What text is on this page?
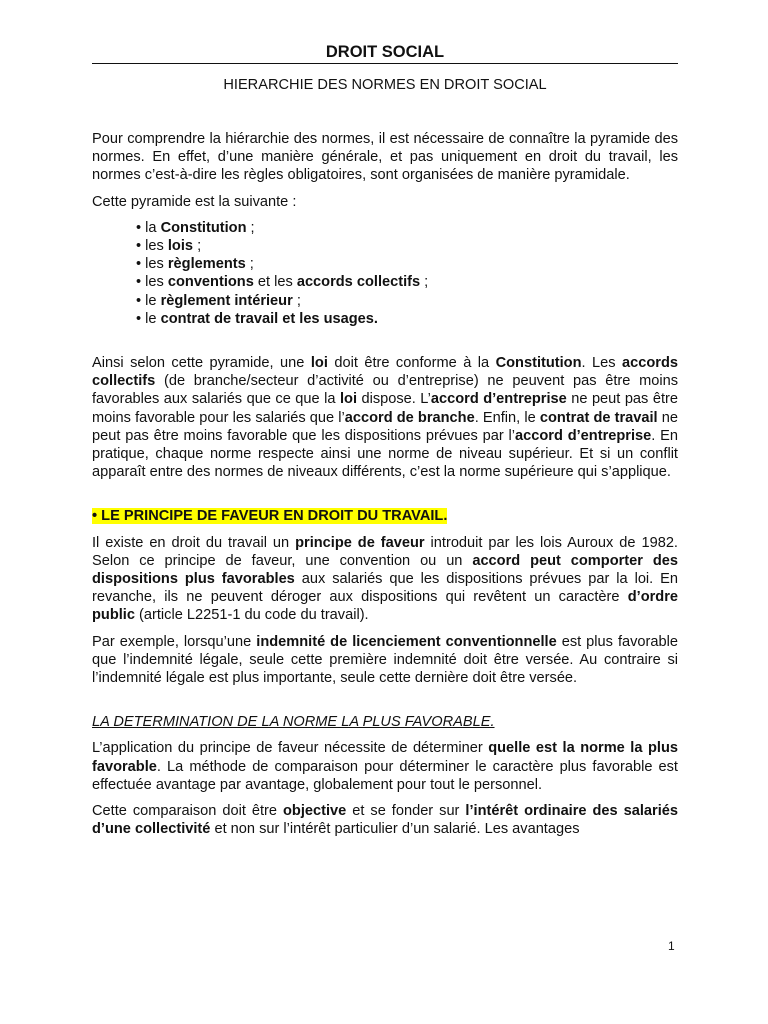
DROIT SOCIAL
HIERARCHIE DES NORMES EN DROIT SOCIAL

Pour comprendre la hiérarchie des normes, il est nécessaire de connaître la pyramide des normes. En effet, d’une manière générale, et pas uniquement en droit du travail, les normes c’est-à-dire les règles obligatoires, sont organisées de manière pyramidale.

Cette pyramide est la suivante :

• la Constitution ;
• les lois ;
• les règlements ;
• les conventions et les accords collectifs ;
• le règlement intérieur ;
• le contrat de travail et les usages.

Ainsi selon cette pyramide, une loi doit être conforme à la Constitution. Les accords collectifs (de branche/secteur d’activité ou d’entreprise) ne peuvent pas être moins favorables aux salariés que ce que la loi dispose. L’accord d’entreprise ne peut pas être moins favorable pour les salariés que l’accord de branche. Enfin, le contrat de travail ne peut pas être moins favorable que les dispositions prévues par l’accord d’entreprise. En pratique, chaque norme respecte ainsi une norme de niveau supérieur. Et si un conflit apparaît entre des normes de niveaux différents, c’est la norme supérieure qui s’applique.

• LE PRINCIPE DE FAVEUR EN DROIT DU TRAVAIL.

Il existe en droit du travail un principe de faveur introduit par les lois Auroux de 1982. Selon ce principe de faveur, une convention ou un accord peut comporter des dispositions plus favorables aux salariés que les dispositions prévues par la loi. En revanche, ils ne peuvent déroger aux dispositions qui revêtent un caractère d’ordre public (article L2251-1 du code du travail).

Par exemple, lorsqu’une indemnité de licenciement conventionnelle est plus favorable que l’indemnité légale, seule cette première indemnité doit être versée. Au contraire si l’indemnité légale est plus importante, seule cette dernière doit être versée.

LA DETERMINATION DE LA NORME LA PLUS FAVORABLE.

L’application du principe de faveur nécessite de déterminer quelle est la norme la plus favorable. La méthode de comparaison pour déterminer le caractère plus favorable est effectuée avantage par avantage, globalement pour tout le personnel.

Cette comparaison doit être objective et se fonder sur l’intérêt ordinaire des salariés d’une collectivité et non sur l’intérêt particulier d’un salarié. Les avantages

1
